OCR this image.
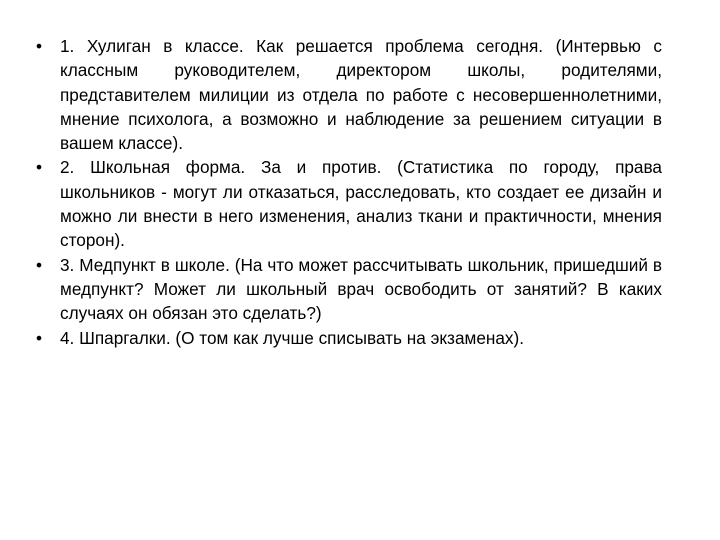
• 1. Хулиган в классе. Как решается проблема сегодня. (Интервью с классным руководителем, директором школы, родителями, представителем милиции из отдела по работе с несовершеннолетними, мнение психолога, а возможно и наблюдение за решением ситуации в вашем классе).
• 2. Школьная форма. За и против. (Статистика по городу, права школьников - могут ли отказаться, расследовать, кто создает ее дизайн и можно ли внести в него изменения, анализ ткани и практичности, мнения сторон).
• 3. Медпункт в школе. (На что может рассчитывать школьник, пришедший в медпункт? Может ли школьный врач освободить от занятий? В каких случаях он обязан это сделать?)
• 4. Шпаргалки. (О том как лучше списывать на экзаменах).
